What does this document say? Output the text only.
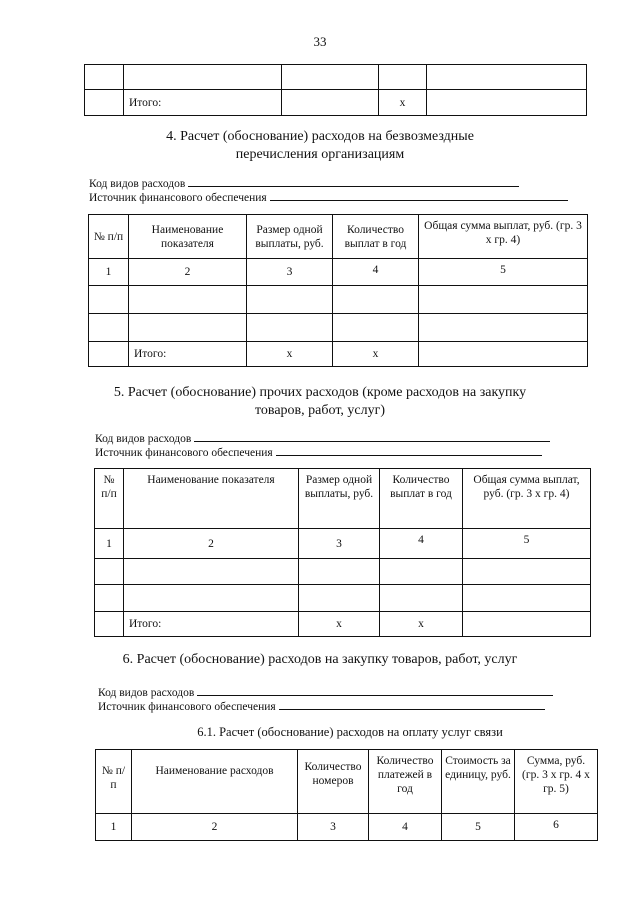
33

	Итого:		х	
4. Расчет (обоснование) расходов на безвозмездные
перечисления организациям
Код видов расходов
Источник финансового обеспечения
№ п/п	Наименование показателя	Размер одной выплаты, руб.	Количество выплат в год	Общая сумма выплат, руб. (гр. 3 х гр. 4)
1	2	3	4	5

	Итого:	х	х	
5. Расчет (обоснование) прочих расходов (кроме расходов на закупку
товаров, работ, услуг)
Код видов расходов
Источник финансового обеспечения
№ п/п	Наименование показателя	Размер одной выплаты, руб.	Количество выплат в год	Общая сумма выплат, руб. (гр. 3 х гр. 4)
1	2	3	4	5

	Итого:	х	х	
6. Расчет (обоснование) расходов на закупку товаров, работ, услуг
Код видов расходов
Источник финансового обеспечения
6.1. Расчет (обоснование) расходов на оплату услуг связи
№ п/п	Наименование расходов	Количество номеров	Количество платежей в год	Стоимость за единицу, руб.	Сумма, руб. (гр. 3 х гр. 4 х гр. 5)
1	2	3	4	5	6
